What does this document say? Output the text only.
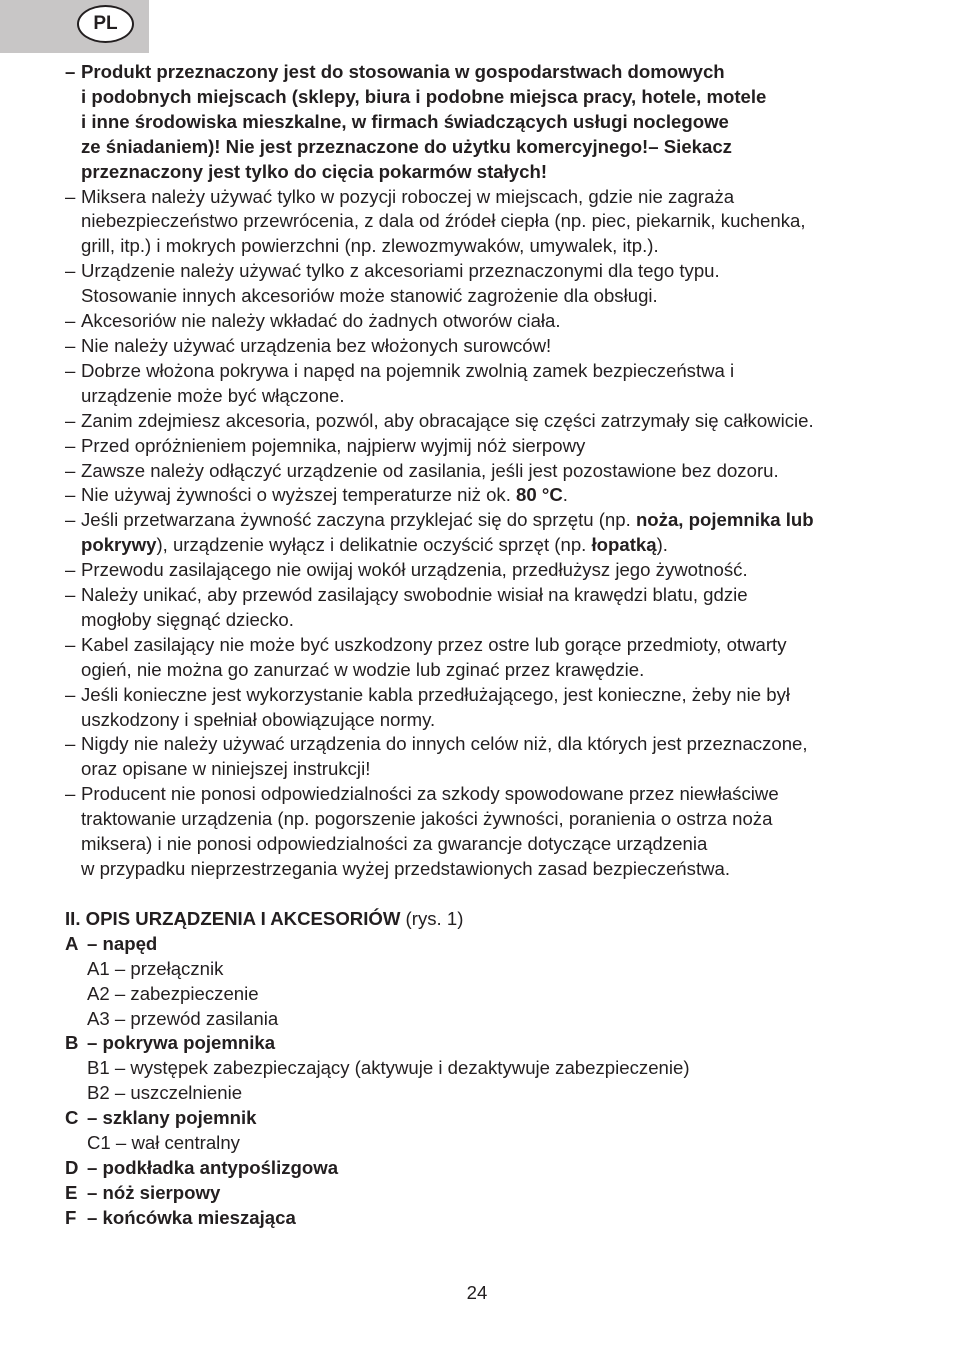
PL
– Produkt przeznaczony jest do stosowania w gospodarstwach domowych
i podobnych miejscach (sklepy, biura i podobne miejsca pracy, hotele, motele
i inne środowiska mieszkalne, w firmach świadczących usługi noclegowe
ze śniadaniem)! Nie jest przeznaczone do użytku komercyjnego!– Siekacz
przeznaczony jest tylko do cięcia pokarmów stałych!
– Miksera należy używać tylko w pozycji roboczej w miejscach, gdzie nie zagraża
niebezpieczeństwo przewrócenia, z dala od źródeł ciepła (np. piec, piekarnik, kuchenka,
grill, itp.) i mokrych powierzchni (np. zlewozmywaków, umywalek, itp.).
– Urządzenie należy używać tylko z akcesoriami przeznaczonymi dla tego typu.
Stosowanie innych akcesoriów może stanowić zagrożenie dla obsługi.
– Akcesoriów nie należy wkładać do żadnych otworów ciała.
– Nie należy używać urządzenia bez włożonych surowców!
– Dobrze włożona pokrywa i napęd na pojemnik zwolnią zamek bezpieczeństwa i
urządzenie może być włączone.
– Zanim zdejmiesz akcesoria, pozwól, aby obracające się części zatrzymały się całkowicie.
– Przed opróżnieniem pojemnika, najpierw wyjmij nóż sierpowy
– Zawsze należy odłączyć urządzenie od zasilania, jeśli jest pozostawione bez dozoru.
– Nie używaj żywności o wyższej temperaturze niż ok. 80 °C.
– Jeśli przetwarzana żywność zaczyna przyklejać się do sprzętu (np. noża, pojemnika lub
pokrywy), urządzenie wyłącz i delikatnie oczyścić sprzęt (np. łopatką).
– Przewodu zasilającego nie owijaj wokół urządzenia, przedłużysz jego żywotność.
– Należy unikać, aby przewód zasilający swobodnie wisiał na krawędzi blatu, gdzie
mogłoby sięgnąć dziecko.
– Kabel zasilający nie może być uszkodzony przez ostre lub gorące przedmioty, otwarty
ogień, nie można go zanurzać w wodzie lub zginać przez krawędzie.
– Jeśli konieczne jest wykorzystanie kabla przedłużającego, jest konieczne, żeby nie był
uszkodzony i spełniał obowiązujące normy.
– Nigdy nie należy używać urządzenia do innych celów niż, dla których jest przeznaczone,
oraz opisane w niniejszej instrukcji!
– Producent nie ponosi odpowiedzialności za szkody spowodowane przez niewłaściwe
traktowanie urządzenia (np. pogorszenie jakości żywności, poranienia o ostrza noża
miksera) i nie ponosi odpowiedzialności za gwarancje dotyczące urządzenia
w przypadku nieprzestrzegania wyżej przedstawionych zasad bezpieczeństwa.
II. OPIS URZĄDZENIA I AKCESORIÓW (rys. 1)
A – napęd
A1 – przełącznik
A2 – zabezpieczenie
A3 – przewód zasilania
B – pokrywa pojemnika
B1 – występek zabezpieczający (aktywuje i dezaktywuje zabezpieczenie)
B2 – uszczelnienie
C – szklany pojemnik
C1 – wał centralny
D – podkładka antypoślizgowa
E – nóż sierpowy
F – końcówka mieszająca
24
